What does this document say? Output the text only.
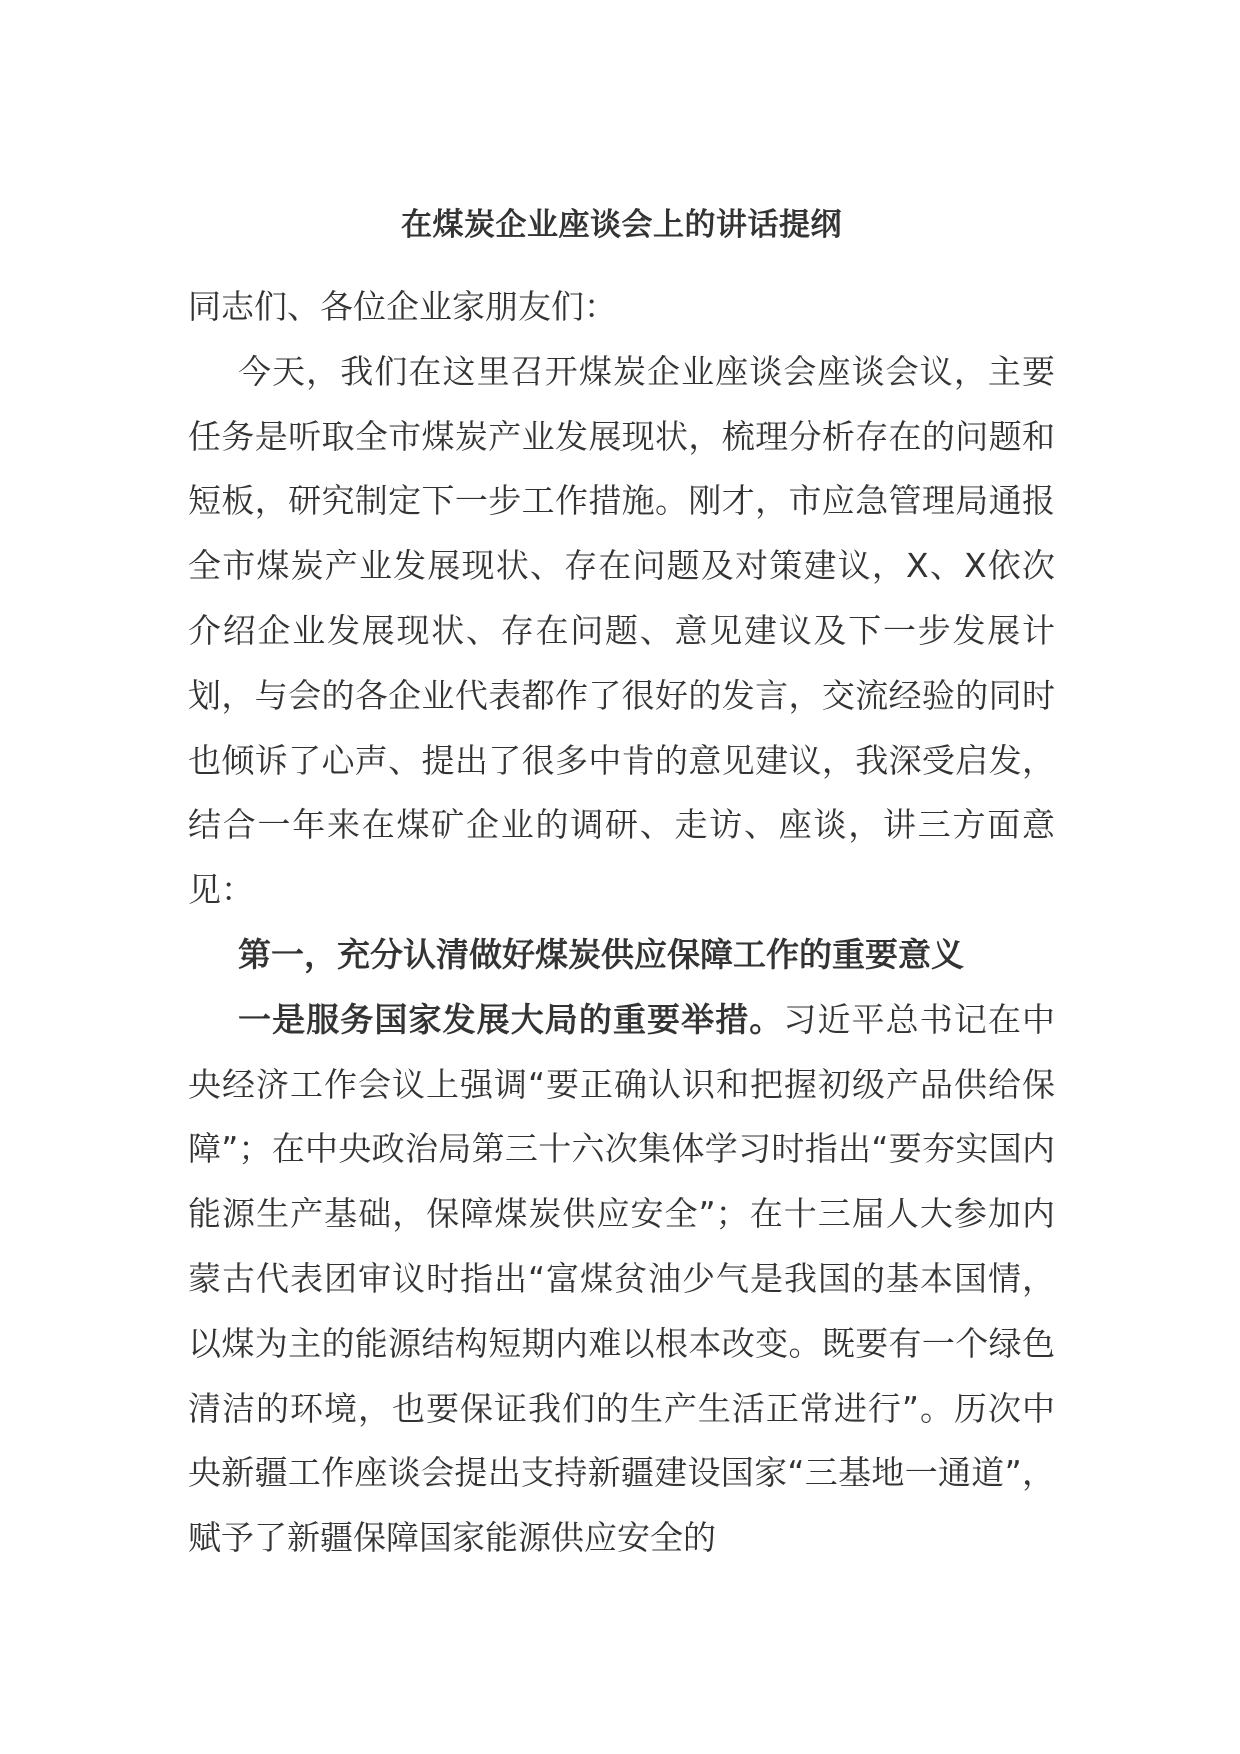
在煤炭企业座谈会上的讲话提纲

同志们、各位企业家朋友们：

今天，我们在这里召开煤炭企业座谈会座谈会议，主要任务是听取全市煤炭产业发展现状，梳理分析存在的问题和短板，研究制定下一步工作措施。刚才，市应急管理局通报全市煤炭产业发展现状、存在问题及对策建议，X、X依次介绍企业发展现状、存在问题、意见建议及下一步发展计划，与会的各企业代表都作了很好的发言，交流经验的同时也倾诉了心声、提出了很多中肯的意见建议，我深受启发，结合一年来在煤矿企业的调研、走访、座谈，讲三方面意见：

第一，充分认清做好煤炭供应保障工作的重要意义

一是服务国家发展大局的重要举措。习近平总书记在中央经济工作会议上强调“要正确认识和把握初级产品供给保障”；在中央政治局第三十六次集体学习时指出“要夯实国内能源生产基础，保障煤炭供应安全”；在十三届人大参加内蒙古代表团审议时指出“富煤贫油少气是我国的基本国情，以煤为主的能源结构短期内难以根本改变。既要有一个绿色清洁的环境，也要保证我们的生产生活正常进行”。历次中央新疆工作座谈会提出支持新疆建设国家“三基地一通道”，赋予了新疆保障国家能源供应安全的
